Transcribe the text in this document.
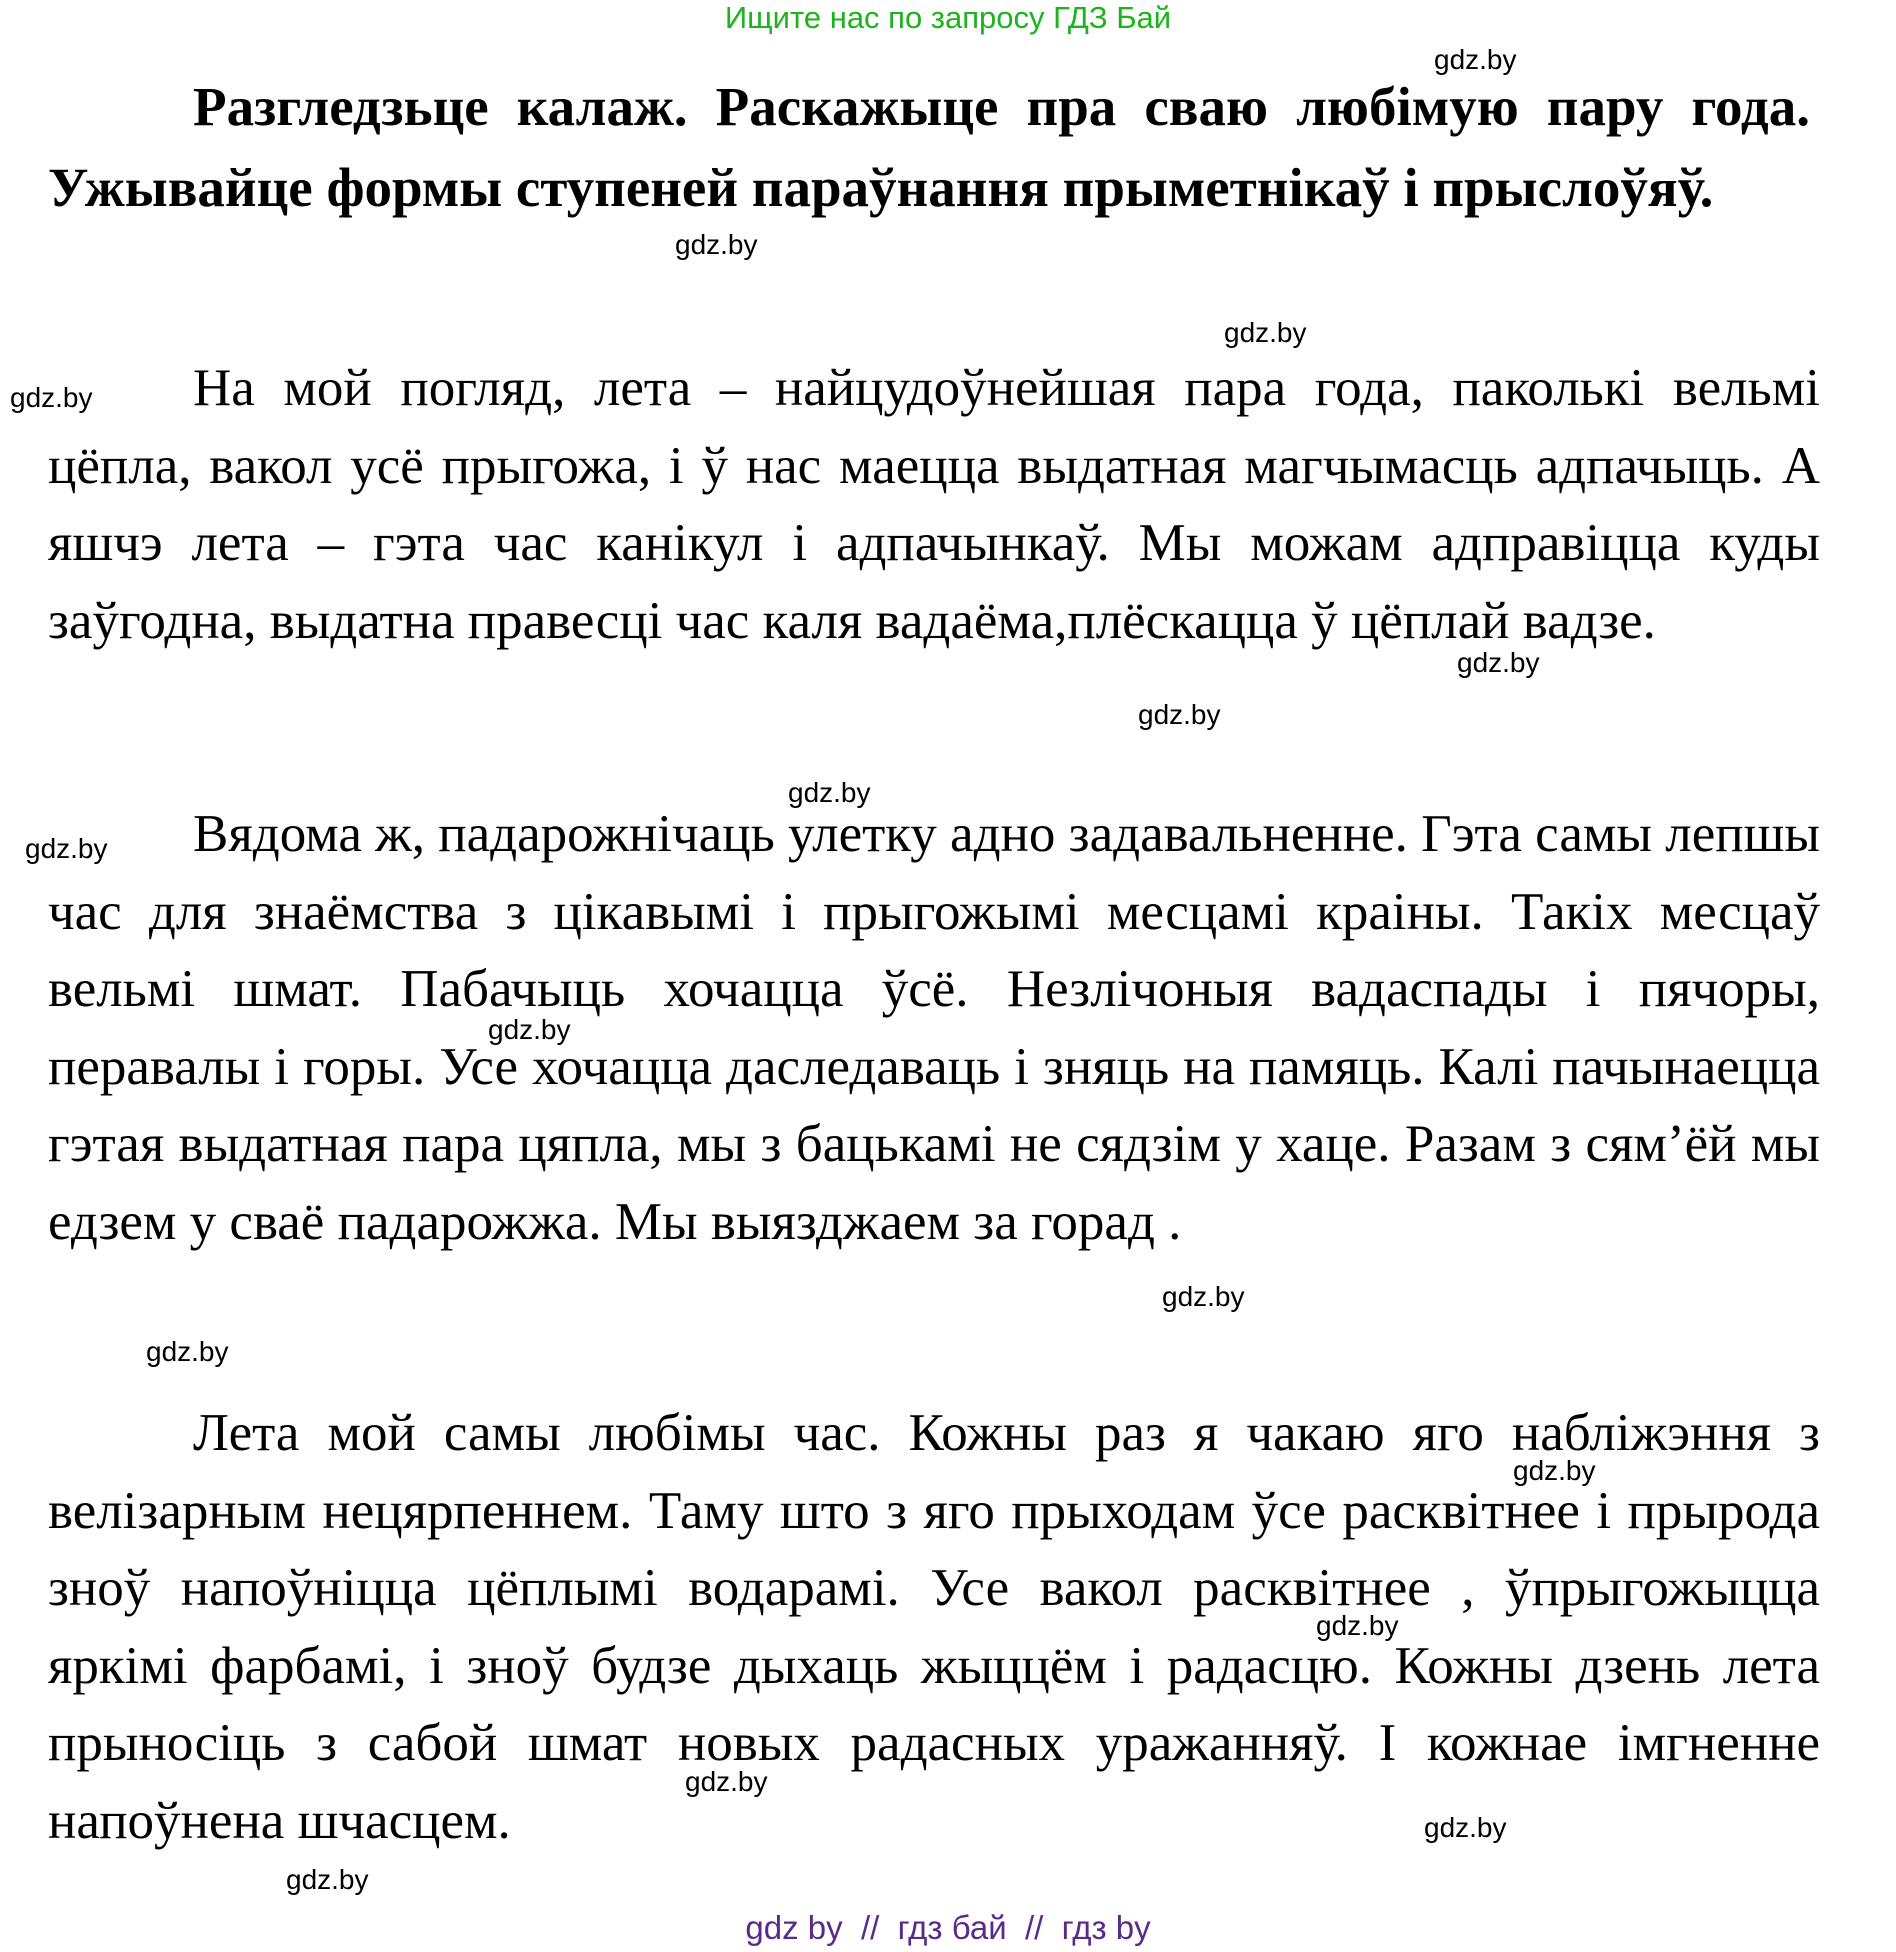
Ищите нас по запросу ГДЗ Бай

Разгледзьце калаж. Раскажыце пра сваю любімую пару года. Ужывайце формы ступеней параўнання прыметнікаў і прыслоўяў.

На мой погляд, лета – найцудоўнейшая пара года, паколькі вельмі цёпла, вакол усё прыгожа, і ў нас маецца выдатная магчымасць адпачыць. А яшчэ лета – гэта час канікул і адпачынкаў. Мы можам адправіцца куды заўгодна, выдатна правесці час каля вадаёма,плёскацца ў цёплай вадзе.

Вядома ж, падарожнічаць улетку адно задавальненне. Гэта самы лепшы час для знаёмства з цікавымі і прыгожымі месцамі краіны. Такіх месцаў вельмі шмат. Пабачыць хочацца ўсё. Незлічоныя вадаспады і пячоры, перавалы і горы. Усе хочацца даследаваць і зняць на памяць. Калі пачынаецца гэтая выдатная пара цяпла, мы з бацькамі не сядзім у хаце. Разам з сям’ёй мы едзем у сваё падарожжа. Мы выязджаем за горад .

Лета мой самы любімы час. Кожны раз я чакаю яго набліжэння з велізарным нецярпеннем. Таму што з яго прыходам ўсе расквітнее і прырода зноў напоўніцца цёплымі водарамі. Усе вакол расквітнее , ўпрыгожыцца яркімі фарбамі, і зноў будзе дыхаць жыццём і радасцю. Кожны дзень лета прыносіць з сабой шмат новых радасных уражанняў. І кожнае імгненне напоўнена шчасцем.

gdz.by
gdz.by
gdz.by
gdz.by
gdz.by
gdz.by
gdz.by
gdz.by
gdz.by
gdz.by
gdz.by
gdz.by
gdz.by
gdz.by
gdz.by
gdz.by
gdz by  //  гдз бай  //  гдз by
